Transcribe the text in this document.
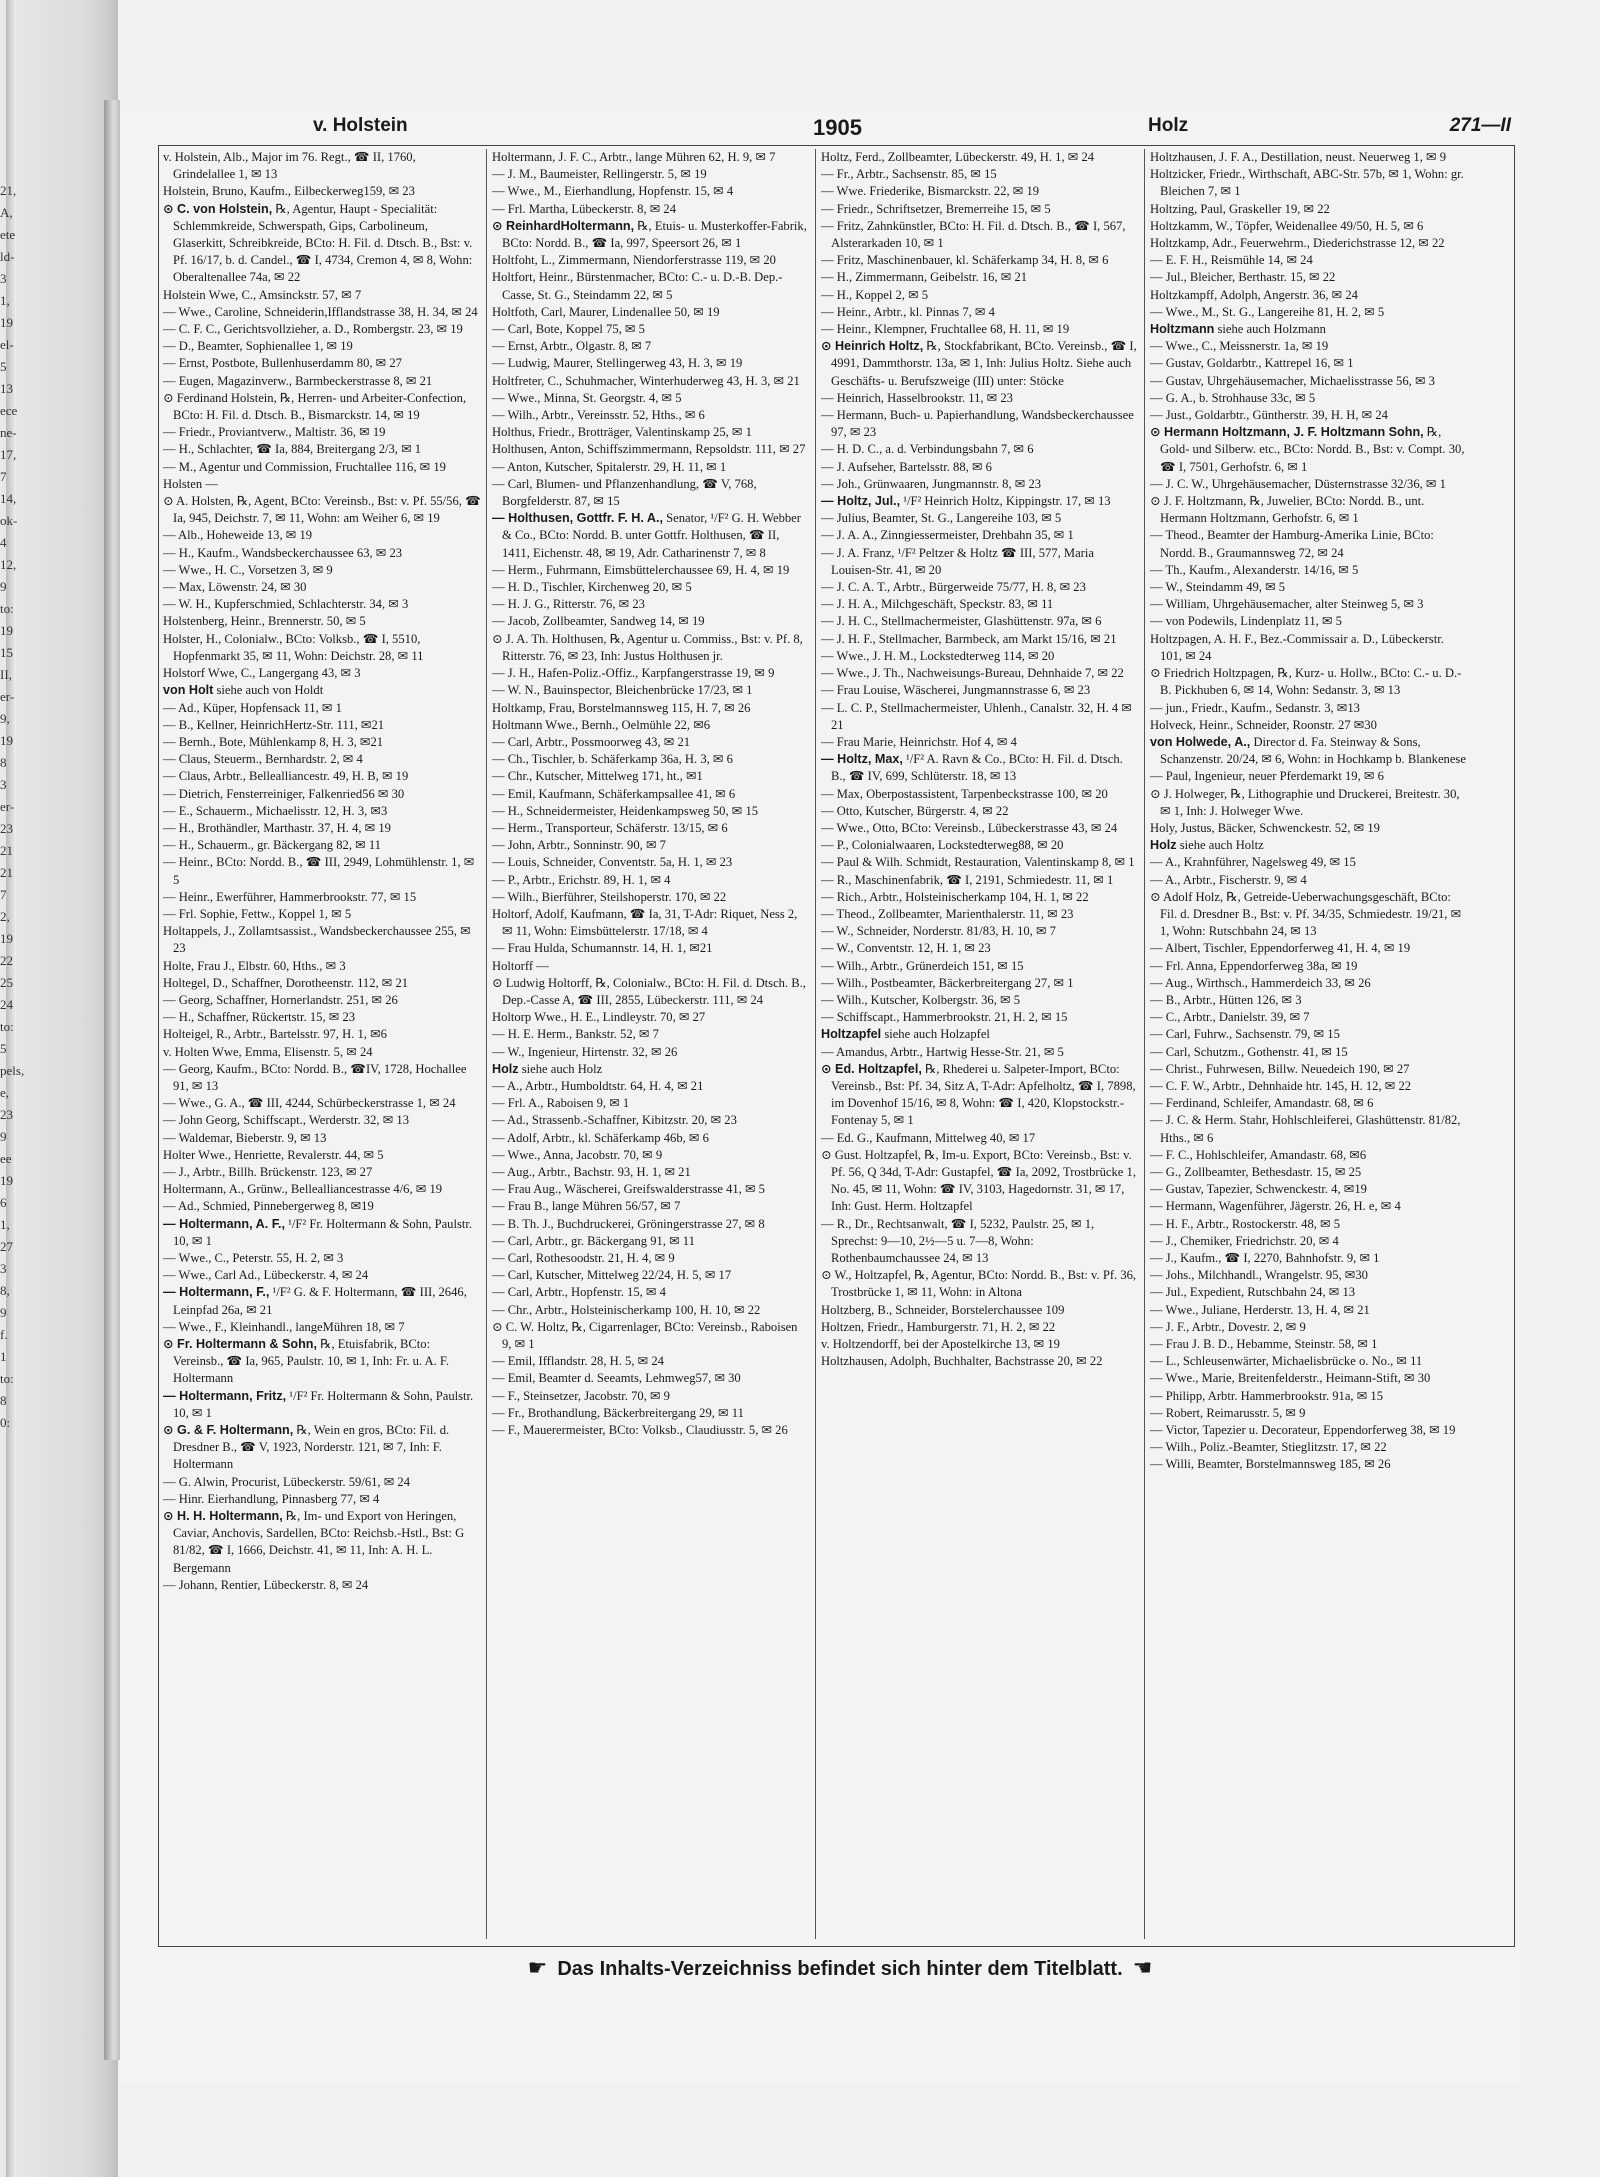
21,
A,
ete
ld-
3
1,
19
el-
5
13
ece
ne-
17,
7
14,
ok-
4
12,
9
to:
19
15
II,
er-
9,
19
8
3
er-
23
21
21
7
2,
19
22
25
24
to:
5
pels,
e,
23
9
ee
19
6
1,
27
3
8,
9
f.
1
to:
8
0:
v. Holstein	1905	Holz	271—II

v. Holstein, Alb., Major im 76. Regt., ☎ II, 1760, Grindelallee 1, ✉ 13

Holstein, Bruno, Kaufm., Eilbeckerweg159, ✉ 23

⊙ C. von Holstein, ℞, Agentur, Haupt - Specialität: Schlemmkreide, Schwerspath, Gips, Carbolineum, Glaserkitt, Schreibkreide, BCto: H. Fil. d. Dtsch. B., Bst: v. Pf. 16/17, b. d. Candel., ☎ I, 4734, Cremon 4, ✉ 8, Wohn: Oberaltenallee 74a, ✉ 22

Holstein Wwe, C., Amsinckstr. 57, ✉ 7

— Wwe., Caroline, Schneiderin,Ifflandstrasse 38, H. 34, ✉ 24

— C. F. C., Gerichtsvollzieher, a. D., Rombergstr. 23, ✉ 19

— D., Beamter, Sophienallee 1, ✉ 19

— Ernst, Postbote, Bullenhuserdamm 80, ✉ 27

— Eugen, Magazinverw., Barmbeckerstrasse 8, ✉ 21

⊙ Ferdinand Holstein, ℞, Herren- und Arbeiter-Confection, BCto: H. Fil. d. Dtsch. B., Bismarckstr. 14, ✉ 19

— Friedr., Proviantverw., Maltistr. 36, ✉ 19

— H., Schlachter, ☎ Ia, 884, Breitergang 2/3, ✉ 1

— M., Agentur und Commission, Fruchtallee 116, ✉ 19

Holsten —

⊙ A. Holsten, ℞, Agent, BCto: Vereinsb., Bst: v. Pf. 55/56, ☎ Ia, 945, Deichstr. 7, ✉ 11, Wohn: am Weiher 6, ✉ 19

— Alb., Hoheweide 13, ✉ 19

— H., Kaufm., Wandsbeckerchaussee 63, ✉ 23

— Wwe., H. C., Vorsetzen 3, ✉ 9

— Max, Löwenstr. 24, ✉ 30

— W. H., Kupferschmied, Schlachterstr. 34, ✉ 3

Holstenberg, Heinr., Brennerstr. 50, ✉ 5

Holster, H., Colonialw., BCto: Volksb., ☎ I, 5510, Hopfenmarkt 35, ✉ 11, Wohn: Deichstr. 28, ✉ 11

Holstorf Wwe, C., Langergang 43, ✉ 3

von Holt siehe auch von Holdt

— Ad., Küper, Hopfensack 11, ✉ 1

— B., Kellner, HeinrichHertz-Str. 111, ✉21

— Bernh., Bote, Mühlenkamp 8, H. 3, ✉21

— Claus, Steuerm., Bernhardstr. 2, ✉ 4

— Claus, Arbtr., Bellealliancestr. 49, H. B, ✉ 19

— Dietrich, Fensterreiniger, Falkenried56 ✉ 30

— E., Schauerm., Michaelisstr. 12, H. 3, ✉3

— H., Brothändler, Marthastr. 37, H. 4, ✉ 19

— H., Schauerm., gr. Bäckergang 82, ✉ 11

— Heinr., BCto: Nordd. B., ☎ III, 2949, Lohmühlenstr. 1, ✉ 5

— Heinr., Ewerführer, Hammerbrookstr. 77, ✉ 15

— Frl. Sophie, Fettw., Koppel 1, ✉ 5

Holtappels, J., Zollamtsassist., Wandsbeckerchaussee 255, ✉ 23

Holte, Frau J., Elbstr. 60, Hths., ✉ 3

Holtegel, D., Schaffner, Dorotheenstr. 112, ✉ 21

— Georg, Schaffner, Hornerlandstr. 251, ✉ 26

— H., Schaffner, Rückertstr. 15, ✉ 23

Holteigel, R., Arbtr., Bartelsstr. 97, H. 1, ✉6

v. Holten Wwe, Emma, Elisenstr. 5, ✉ 24

— Georg, Kaufm., BCto: Nordd. B., ☎IV, 1728, Hochallee 91, ✉ 13

— Wwe., G. A., ☎ III, 4244, Schürbeckerstrasse 1, ✉ 24

— John Georg, Schiffscapt., Werderstr. 32, ✉ 13

— Waldemar, Bieberstr. 9, ✉ 13

Holter Wwe., Henriette, Revalerstr. 44, ✉ 5

— J., Arbtr., Billh. Brückenstr. 123, ✉ 27

Holtermann, A., Grünw., Bellealliancestrasse 4/6, ✉ 19

— Ad., Schmied, Pinnebergerweg 8, ✉19

— Holtermann, A. F., ¹/F² Fr. Holtermann & Sohn, Paulstr. 10, ✉ 1

— Wwe., C., Peterstr. 55, H. 2, ✉ 3

— Wwe., Carl Ad., Lübeckerstr. 4, ✉ 24

— Holtermann, F., ¹/F² G. & F. Holtermann, ☎ III, 2646, Leinpfad 26a, ✉ 21

— Wwe., F., Kleinhandl., langeMühren 18, ✉ 7

⊙ Fr. Holtermann & Sohn, ℞, Etuisfabrik, BCto: Vereinsb., ☎ Ia, 965, Paulstr. 10, ✉ 1, Inh: Fr. u. A. F. Holtermann

— Holtermann, Fritz, ¹/F² Fr. Holtermann & Sohn, Paulstr. 10, ✉ 1

⊙ G. & F. Holtermann, ℞, Wein en gros, BCto: Fil. d. Dresdner B., ☎ V, 1923, Norderstr. 121, ✉ 7, Inh: F. Holtermann

— G. Alwin, Procurist, Lübeckerstr. 59/61, ✉ 24

— Hinr. Eierhandlung, Pinnasberg 77, ✉ 4

⊙ H. H. Holtermann, ℞, Im- und Export von Heringen, Caviar, Anchovis, Sardellen, BCto: Reichsb.-Hstl., Bst: G 81/82, ☎ I, 1666, Deichstr. 41, ✉ 11, Inh: A. H. L. Bergemann

— Johann, Rentier, Lübeckerstr. 8, ✉ 24

Holtermann, J. F. C., Arbtr., lange Mühren 62, H. 9, ✉ 7

— J. M., Baumeister, Rellingerstr. 5, ✉ 19

— Wwe., M., Eierhandlung, Hopfenstr. 15, ✉ 4

— Frl. Martha, Lübeckerstr. 8, ✉ 24

⊙ ReinhardHoltermann, ℞, Etuis- u. Musterkoffer-Fabrik, BCto: Nordd. B., ☎ Ia, 997, Speersort 26, ✉ 1

Holtfoht, L., Zimmermann, Niendorferstrasse 119, ✉ 20

Holtfort, Heinr., Bürstenmacher, BCto: C.- u. D.-B. Dep.-Casse, St. G., Steindamm 22, ✉ 5

Holtfoth, Carl, Maurer, Lindenallee 50, ✉ 19

— Carl, Bote, Koppel 75, ✉ 5

— Ernst, Arbtr., Olgastr. 8, ✉ 7

— Ludwig, Maurer, Stellingerweg 43, H. 3, ✉ 19

Holtfreter, C., Schuhmacher, Winterhuderweg 43, H. 3, ✉ 21

— Wwe., Minna, St. Georgstr. 4, ✉ 5

— Wilh., Arbtr., Vereinsstr. 52, Hths., ✉ 6

Holthus, Friedr., Brotträger, Valentinskamp 25, ✉ 1

Holthusen, Anton, Schiffszimmermann, Repsoldstr. 111, ✉ 27

— Anton, Kutscher, Spitalerstr. 29, H. 11, ✉ 1

— Carl, Blumen- und Pflanzenhandlung, ☎ V, 768, Borgfelderstr. 87, ✉ 15

— Holthusen, Gottfr. F. H. A., Senator, ¹/F² G. H. Webber & Co., BCto: Nordd. B. unter Gottfr. Holthusen, ☎ II, 1411, Eichenstr. 48, ✉ 19, Adr. Catharinenstr 7, ✉ 8

— Herm., Fuhrmann, Eimsbüttelerchaussee 69, H. 4, ✉ 19

— H. D., Tischler, Kirchenweg 20, ✉ 5

— H. J. G., Ritterstr. 76, ✉ 23

— Jacob, Zollbeamter, Sandweg 14, ✉ 19

⊙ J. A. Th. Holthusen, ℞, Agentur u. Commiss., Bst: v. Pf. 8, Ritterstr. 76, ✉ 23, Inh: Justus Holthusen jr.

— J. H., Hafen-Poliz.-Offiz., Karpfangerstrasse 19, ✉ 9

— W. N., Bauinspector, Bleichenbrücke 17/23, ✉ 1

Holtkamp, Frau, Borstelmannsweg 115, H. 7, ✉ 26

Holtmann Wwe., Bernh., Oelmühle 22, ✉6

— Carl, Arbtr., Possmoorweg 43, ✉ 21

— Ch., Tischler, b. Schäferkamp 36a, H. 3, ✉ 6

— Chr., Kutscher, Mittelweg 171, ht., ✉1

— Emil, Kaufmann, Schäferkampsallee 41, ✉ 6

— H., Schneidermeister, Heidenkampsweg 50, ✉ 15

— Herm., Transporteur, Schäferstr. 13/15, ✉ 6

— John, Arbtr., Sonninstr. 90, ✉ 7

— Louis, Schneider, Conventstr. 5a, H. 1, ✉ 23

— P., Arbtr., Erichstr. 89, H. 1, ✉ 4

— Wilh., Bierführer, Steilshoperstr. 170, ✉ 22

Holtorf, Adolf, Kaufmann, ☎ Ia, 31, T-Adr: Riquet, Ness 2, ✉ 11, Wohn: Eimsbüttelerstr. 17/18, ✉ 4

— Frau Hulda, Schumannstr. 14, H. 1, ✉21

Holtorff —

⊙ Ludwig Holtorff, ℞, Colonialw., BCto: H. Fil. d. Dtsch. B., Dep.-Casse A, ☎ III, 2855, Lübeckerstr. 111, ✉ 24

Holtorp Wwe., H. E., Lindleystr. 70, ✉ 27

— H. E. Herm., Bankstr. 52, ✉ 7

— W., Ingenieur, Hirtenstr. 32, ✉ 26

Holz siehe auch Holz

— A., Arbtr., Humboldtstr. 64, H. 4, ✉ 21

— Frl. A., Raboisen 9, ✉ 1

— Ad., Strassenb.-Schaffner, Kibitzstr. 20, ✉ 23

— Adolf, Arbtr., kl. Schäferkamp 46b, ✉ 6

— Wwe., Anna, Jacobstr. 70, ✉ 9

— Aug., Arbtr., Bachstr. 93, H. 1, ✉ 21

— Frau Aug., Wäscherei, Greifswalderstrasse 41, ✉ 5

— Frau B., lange Mühren 56/57, ✉ 7

— B. Th. J., Buchdruckerei, Gröningerstrasse 27, ✉ 8

— Carl, Arbtr., gr. Bäckergang 91, ✉ 11

— Carl, Rothesoodstr. 21, H. 4, ✉ 9

— Carl, Kutscher, Mittelweg 22/24, H. 5, ✉ 17

— Carl, Arbtr., Hopfenstr. 15, ✉ 4

— Chr., Arbtr., Holsteinischerkamp 100, H. 10, ✉ 22

⊙ C. W. Holtz, ℞, Cigarrenlager, BCto: Vereinsb., Raboisen 9, ✉ 1

— Emil, Ifflandstr. 28, H. 5, ✉ 24

— Emil, Beamter d. Seeamts, Lehmweg57, ✉ 30

— F., Steinsetzer, Jacobstr. 70, ✉ 9

— Fr., Brothandlung, Bäckerbreitergang 29, ✉ 11

— F., Mauerermeister, BCto: Volksb., Claudiusstr. 5, ✉ 26

Holtz, Ferd., Zollbeamter, Lübeckerstr. 49, H. 1, ✉ 24

— Fr., Arbtr., Sachsenstr. 85, ✉ 15

— Wwe. Friederike, Bismarckstr. 22, ✉ 19

— Friedr., Schriftsetzer, Bremerreihe 15, ✉ 5

— Fritz, Zahnkünstler, BCto: H. Fil. d. Dtsch. B., ☎ I, 567, Alsterarkaden 10, ✉ 1

— Fritz, Maschinenbauer, kl. Schäferkamp 34, H. 8, ✉ 6

— H., Zimmermann, Geibelstr. 16, ✉ 21

— H., Koppel 2, ✉ 5

— Heinr., Arbtr., kl. Pinnas 7, ✉ 4

— Heinr., Klempner, Fruchtallee 68, H. 11, ✉ 19

⊙ Heinrich Holtz, ℞, Stockfabrikant, BCto. Vereinsb., ☎ I, 4991, Dammthorstr. 13a, ✉ 1, Inh: Julius Holtz. Siehe auch Geschäfts- u. Berufszweige (III) unter: Stöcke

— Heinrich, Hasselbrookstr. 11, ✉ 23

— Hermann, Buch- u. Papierhandlung, Wandsbeckerchaussee 97, ✉ 23

— H. D. C., a. d. Verbindungsbahn 7, ✉ 6

— J. Aufseher, Bartelsstr. 88, ✉ 6

— Joh., Grünwaaren, Jungmannstr. 8, ✉ 23

— Holtz, Jul., ¹/F² Heinrich Holtz, Kippingstr. 17, ✉ 13

— Julius, Beamter, St. G., Langereihe 103, ✉ 5

— J. A. A., Zinngiessermeister, Drehbahn 35, ✉ 1

— J. A. Franz, ¹/F² Peltzer & Holtz ☎ III, 577, Maria Louisen-Str. 41, ✉ 20

— J. C. A. T., Arbtr., Bürgerweide 75/77, H. 8, ✉ 23

— J. H. A., Milchgeschäft, Speckstr. 83, ✉ 11

— J. H. C., Stellmachermeister, Glashüttenstr. 97a, ✉ 6

— J. H. F., Stellmacher, Barmbeck, am Markt 15/16, ✉ 21

— Wwe., J. H. M., Lockstedterweg 114, ✉ 20

— Wwe., J. Th., Nachweisungs-Bureau, Dehnhaide 7, ✉ 22

— Frau Louise, Wäscherei, Jungmannstrasse 6, ✉ 23

— L. C. P., Stellmachermeister, Uhlenh., Canalstr. 32, H. 4 ✉ 21

— Frau Marie, Heinrichstr. Hof 4, ✉ 4

— Holtz, Max, ¹/F² A. Ravn & Co., BCto: H. Fil. d. Dtsch. B., ☎ IV, 699, Schlüterstr. 18, ✉ 13

— Max, Oberpostassistent, Tarpenbeckstrasse 100, ✉ 20

— Otto, Kutscher, Bürgerstr. 4, ✉ 22

— Wwe., Otto, BCto: Vereinsb., Lübeckerstrasse 43, ✉ 24

— P., Colonialwaaren, Lockstedterweg88, ✉ 20

— Paul & Wilh. Schmidt, Restauration, Valentinskamp 8, ✉ 1

— R., Maschinenfabrik, ☎ I, 2191, Schmiedestr. 11, ✉ 1

— Rich., Arbtr., Holsteinischerkamp 104, H. 1, ✉ 22

— Theod., Zollbeamter, Marienthalerstr. 11, ✉ 23

— W., Schneider, Norderstr. 81/83, H. 10, ✉ 7

— W., Conventstr. 12, H. 1, ✉ 23

— Wilh., Arbtr., Grünerdeich 151, ✉ 15

— Wilh., Postbeamter, Bäckerbreitergang 27, ✉ 1

— Wilh., Kutscher, Kolbergstr. 36, ✉ 5

— Schiffscapt., Hammerbrookstr. 21, H. 2, ✉ 15

Holtzapfel siehe auch Holzapfel

— Amandus, Arbtr., Hartwig Hesse-Str. 21, ✉ 5

⊙ Ed. Holtzapfel, ℞, Rhederei u. Salpeter-Import, BCto: Vereinsb., Bst: Pf. 34, Sitz A, T-Adr: Apfelholtz, ☎ I, 7898, im Dovenhof 15/16, ✉ 8, Wohn: ☎ I, 420, Klopstockstr.-Fontenay 5, ✉ 1

— Ed. G., Kaufmann, Mittelweg 40, ✉ 17

⊙ Gust. Holtzapfel, ℞, Im-u. Export, BCto: Vereinsb., Bst: v. Pf. 56, Q 34d, T-Adr: Gustapfel, ☎ Ia, 2092, Trostbrücke 1, No. 45, ✉ 11, Wohn: ☎ IV, 3103, Hagedornstr. 31, ✉ 17, Inh: Gust. Herm. Holtzapfel

— R., Dr., Rechtsanwalt, ☎ I, 5232, Paulstr. 25, ✉ 1, Sprechst: 9—10, 2½—5 u. 7—8, Wohn: Rothenbaumchaussee 24, ✉ 13

⊙ W., Holtzapfel, ℞, Agentur, BCto: Nordd. B., Bst: v. Pf. 36, Trostbrücke 1, ✉ 11, Wohn: in Altona

Holtzberg, B., Schneider, Borstelerchaussee 109

Holtzen, Friedr., Hamburgerstr. 71, H. 2, ✉ 22

v. Holtzendorff, bei der Apostelkirche 13, ✉ 19

Holtzhausen, Adolph, Buchhalter, Bachstrasse 20, ✉ 22

Holtzhausen, J. F. A., Destillation, neust. Neuerweg 1, ✉ 9

Holtzicker, Friedr., Wirthschaft, ABC-Str. 57b, ✉ 1, Wohn: gr. Bleichen 7, ✉ 1

Holtzing, Paul, Graskeller 19, ✉ 22

Holtzkamm, W., Töpfer, Weidenallee 49/50, H. 5, ✉ 6

Holtzkamp, Adr., Feuerwehrm., Diederichstrasse 12, ✉ 22

— E. F. H., Reismühle 14, ✉ 24

— Jul., Bleicher, Berthastr. 15, ✉ 22

Holtzkampff, Adolph, Angerstr. 36, ✉ 24

— Wwe., M., St. G., Langereihe 81, H. 2, ✉ 5

Holtzmann siehe auch Holzmann

— Wwe., C., Meissnerstr. 1a, ✉ 19

— Gustav, Goldarbtr., Kattrepel 16, ✉ 1

— Gustav, Uhrgehäusemacher, Michaelisstrasse 56, ✉ 3

— G. A., b. Strohhause 33c, ✉ 5

— Just., Goldarbtr., Güntherstr. 39, H. H, ✉ 24

⊙ Hermann Holtzmann, J. F. Holtzmann Sohn, ℞, Gold- und Silberw. etc., BCto: Nordd. B., Bst: v. Compt. 30, ☎ I, 7501, Gerhofstr. 6, ✉ 1

— J. C. W., Uhrgehäusemacher, Düsternstrasse 32/36, ✉ 1

⊙ J. F. Holtzmann, ℞, Juwelier, BCto: Nordd. B., unt. Hermann Holtzmann, Gerhofstr. 6, ✉ 1

— Theod., Beamter der Hamburg-Amerika Linie, BCto: Nordd. B., Graumannsweg 72, ✉ 24

— Th., Kaufm., Alexanderstr. 14/16, ✉ 5

— W., Steindamm 49, ✉ 5

— William, Uhrgehäusemacher, alter Steinweg 5, ✉ 3

— von Podewils, Lindenplatz 11, ✉ 5

Holtzpagen, A. H. F., Bez.-Commissair a. D., Lübeckerstr. 101, ✉ 24

⊙ Friedrich Holtzpagen, ℞, Kurz- u. Hollw., BCto: C.- u. D.-B. Pickhuben 6, ✉ 14, Wohn: Sedanstr. 3, ✉ 13

— jun., Friedr., Kaufm., Sedanstr. 3, ✉13

Holveck, Heinr., Schneider, Roonstr. 27 ✉30

von Holwede, A., Director d. Fa. Steinway & Sons, Schanzenstr. 20/24, ✉ 6, Wohn: in Hochkamp b. Blankenese

— Paul, Ingenieur, neuer Pferdemarkt 19, ✉ 6

⊙ J. Holweger, ℞, Lithographie und Druckerei, Breitestr. 30, ✉ 1, Inh: J. Holweger Wwe.

Holy, Justus, Bäcker, Schwenckestr. 52, ✉ 19

Holz siehe auch Holtz

— A., Krahnführer, Nagelsweg 49, ✉ 15

— A., Arbtr., Fischerstr. 9, ✉ 4

⊙ Adolf Holz, ℞, Getreide-Ueberwachungsgeschäft, BCto: Fil. d. Dresdner B., Bst: v. Pf. 34/35, Schmiedestr. 19/21, ✉ 1, Wohn: Rutschbahn 24, ✉ 13

— Albert, Tischler, Eppendorferweg 41, H. 4, ✉ 19

— Frl. Anna, Eppendorferweg 38a, ✉ 19

— Aug., Wirthsch., Hammerdeich 33, ✉ 26

— B., Arbtr., Hütten 126, ✉ 3

— C., Arbtr., Danielstr. 39, ✉ 7

— Carl, Fuhrw., Sachsenstr. 79, ✉ 15

— Carl, Schutzm., Gothenstr. 41, ✉ 15

— Christ., Fuhrwesen, Billw. Neuedeich 190, ✉ 27

— C. F. W., Arbtr., Dehnhaide htr. 145, H. 12, ✉ 22

— Ferdinand, Schleifer, Amandastr. 68, ✉ 6

— J. C. & Herm. Stahr, Hohlschleiferei, Glashüttenstr. 81/82, Hths., ✉ 6

— F. C., Hohlschleifer, Amandastr. 68, ✉6

— G., Zollbeamter, Bethesdastr. 15, ✉ 25

— Gustav, Tapezier, Schwenckestr. 4, ✉19

— Hermann, Wagenführer, Jägerstr. 26, H. e, ✉ 4

— H. F., Arbtr., Rostockerstr. 48, ✉ 5

— J., Chemiker, Friedrichstr. 20, ✉ 4

— J., Kaufm., ☎ I, 2270, Bahnhofstr. 9, ✉ 1

— Johs., Milchhandl., Wrangelstr. 95, ✉30

— Jul., Expedient, Rutschbahn 24, ✉ 13

— Wwe., Juliane, Herderstr. 13, H. 4, ✉ 21

— J. F., Arbtr., Dovestr. 2, ✉ 9

— Frau J. B. D., Hebamme, Steinstr. 58, ✉ 1

— L., Schleusenwärter, Michaelisbrücke o. No., ✉ 11

— Wwe., Marie, Breitenfelderstr., Heimann-Stift, ✉ 30

— Philipp, Arbtr. Hammerbrookstr. 91a, ✉ 15

— Robert, Reimarusstr. 5, ✉ 9

— Victor, Tapezier u. Decorateur, Eppendorferweg 38, ✉ 19

— Wilh., Poliz.-Beamter, Stieglitzstr. 17, ✉ 22

— Willi, Beamter, Borstelmannsweg 185, ✉ 26

☛ Das Inhalts-Verzeichniss befindet sich hinter dem Titelblatt. ☚
